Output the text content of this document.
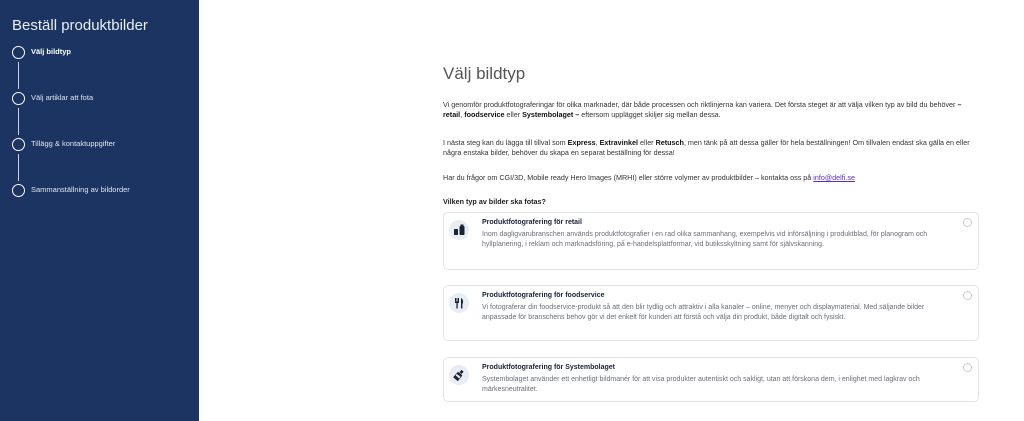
Beställ produktbilder
Välj bildtyp
Välj artiklar att fota
Tillägg & kontaktuppgifter
Sammanställning av bildorder
Välj bildtyp

Vi genomför produktfotograferingar för olika marknader, där både processen och riktlinjerna kan variera. Det första steget är att välja vilken typ av bild du behöver – retail, foodservice eller Systembolaget – eftersom upplägget skiljer sig mellan dessa.

I nästa steg kan du lägga till tillval som Express, Extravinkel eller Retusch, men tänk på att dessa gäller för hela beställningen! Om tillvalen endast ska gälla en eller några enstaka bilder, behöver du skapa en separat beställning för dessa!

Har du frågor om CGI/3D, Mobile ready Hero Images (MRHI) eller större volymer av produktbilder – kontakta oss på info@delfi.se

Vilken typ av bilder ska fotas?
Produktfotografering för retail
Inom dagligvarubranschen används produktfotografier i en rad olika sammanhang, exempelvis vid införsäljning i produktblad, för planogram och hyllplanering, i reklam och marknadsföring, på e-handelsplattformar, vid butiksskyltning samt för självskanning.
Produktfotografering för foodservice
Vi fotograferar din foodservice-produkt så att den blir tydlig och attraktiv i alla kanaler – online, menyer och displaymaterial. Med säljande bilder anpassade för branschens behov gör vi det enkelt för kunden att förstå och välja din produkt, både digitalt och fysiskt.
Produktfotografering för Systembolaget
Systembolaget använder ett enhetligt bildmanér för att visa produkter autentiskt och sakligt, utan att förskona dem, i enlighet med lagkrav och märkesneutralitet.
